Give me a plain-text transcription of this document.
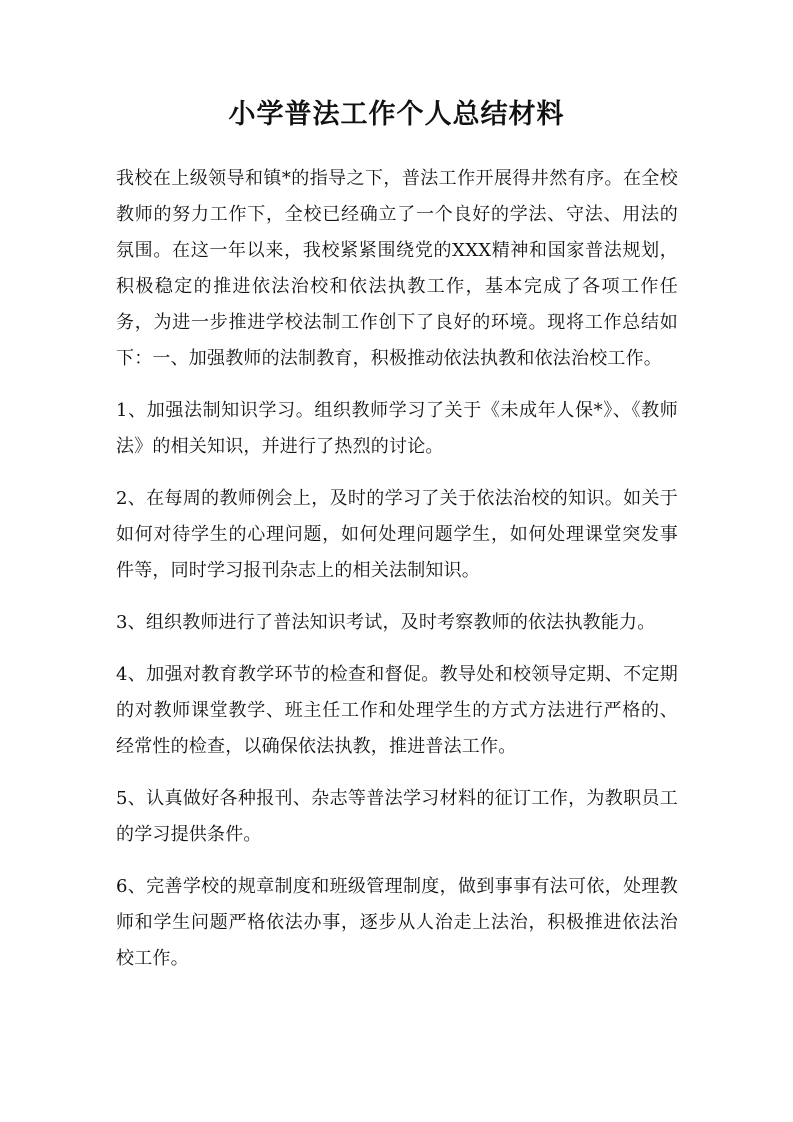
小学普法工作个人总结材料

我校在上级领导和镇*的指导之下，普法工作开展得井然有序。在全校教师的努力工作下，全校已经确立了一个良好的学法、守法、用法的氛围。在这一年以来，我校紧紧围绕党的XXX精神和国家普法规划，积极稳定的推进依法治校和依法执教工作，基本完成了各项工作任务，为进一步推进学校法制工作创下了良好的环境。现将工作总结如下：一、加强教师的法制教育，积极推动依法执教和依法治校工作。

1、加强法制知识学习。组织教师学习了关于《未成年人保*》、《教师法》的相关知识，并进行了热烈的讨论。

2、在每周的教师例会上，及时的学习了关于依法治校的知识。如关于如何对待学生的心理问题，如何处理问题学生，如何处理课堂突发事件等，同时学习报刊杂志上的相关法制知识。

3、组织教师进行了普法知识考试，及时考察教师的依法执教能力。

4、加强对教育教学环节的检查和督促。教导处和校领导定期、不定期的对教师课堂教学、班主任工作和处理学生的方式方法进行严格的、经常性的检查，以确保依法执教，推进普法工作。

5、认真做好各种报刊、杂志等普法学习材料的征订工作，为教职员工的学习提供条件。

6、完善学校的规章制度和班级管理制度，做到事事有法可依，处理教师和学生问题严格依法办事，逐步从人治走上法治，积极推进依法治校工作。
